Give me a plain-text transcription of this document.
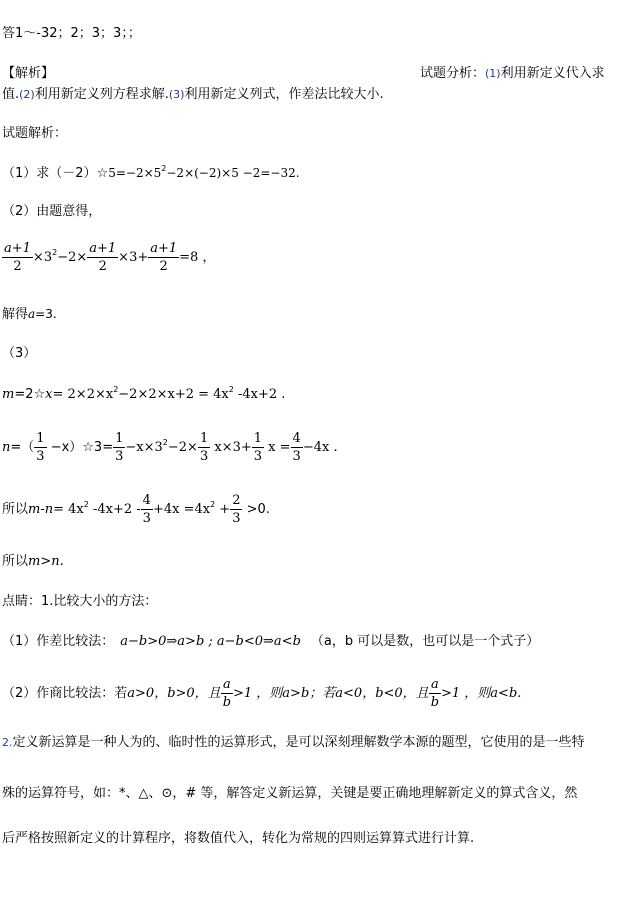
答1～-32；2；3；3；；
【解析】	试题分析：(1)利用新定义代入求
值.(2)利用新定义列方程求解.(3)利用新定义列式，作差法比较大小.
试题解析：
（1）求$(-2)☆5=-2\times 5^2-2\times(-2)\times 5 -2=-32$.
（2）由题意得，
$\frac{a+1}{2} \times 3^2-2\times \frac{a+1}{2} \times 3+ \frac{a+1}{2} =8$ ，
解得a=3.
（3）
m=2☆x= $2\times 2\times x^2-2\times 2\times x+2 = 4x^2$ -4x+2 .
$n=( \frac{1}{3}$ −x）☆3= $\frac{1}{3} -x\times 3^2-2\times \frac{1}{3} x\times 3+ \frac{1}{3}$ $x = \frac{4}{3} -4x$ .
所以$m-n= 4x^2$ $-4x+2 - \frac{4}{3} +4x =4x^2 + \frac{2}{3} >0$.
所以m>n.
点睛：1.比较大小的方法：
（1）作差比较法： a−b>0⇒a>b ; a−b<0⇒a<b （a，b 可以是数，也可以是一个式子）
（2）作商比较法：若a>0，b>0，且 $\frac{a}{b} >1$ ，则a>b；若a<0，b<0，且 $\frac{a}{b} >1$ ，则a<b.
2.定义新运算是一种人为的、临时性的运算形式，是可以深刻理解数学本源的题型，它使用的是一些特
殊的运算符号，如：*、△、⊙，# 等，解答定义新运算，关键是要正确地理解新定义的算式含义，然
后严格按照新定义的计算程序，将数值代入，转化为常规的四则运算算式进行计算.
